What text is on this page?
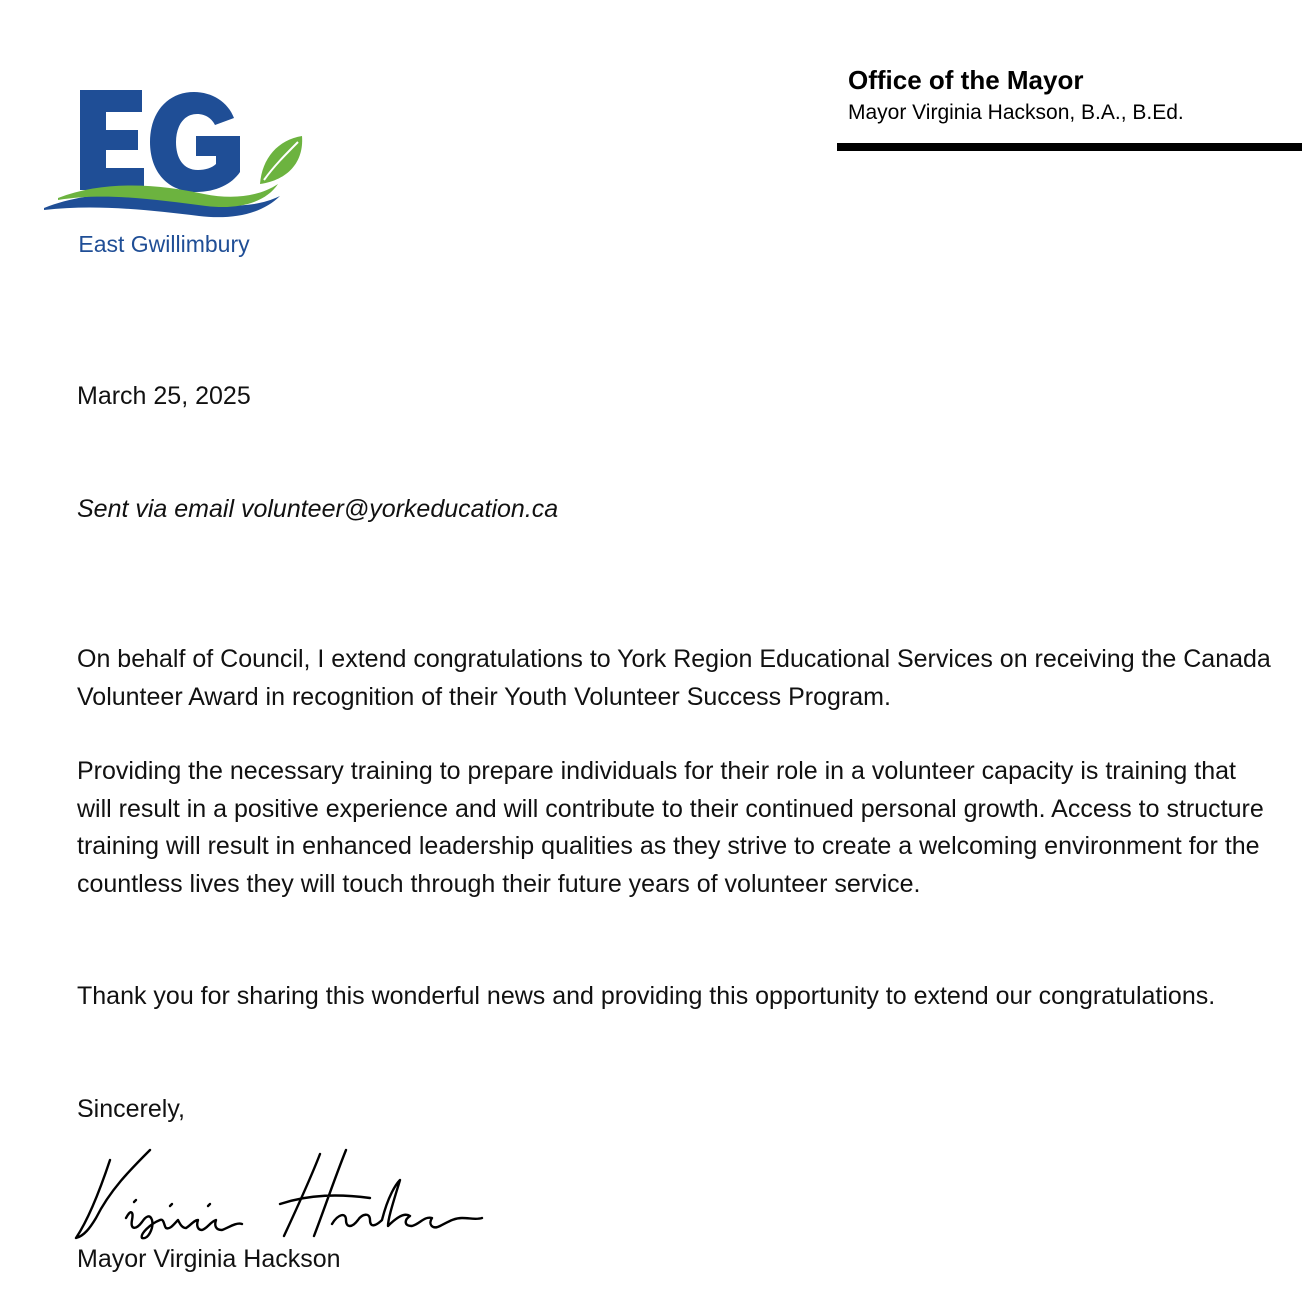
East Gwillimbury
Office of the Mayor
Mayor Virginia Hackson, B.A., B.Ed.

March 25, 2025

Sent via email volunteer@yorkeducation.ca

On behalf of Council, I extend congratulations to York Region Educational Services on receiving the Canada Volunteer Award in recognition of their Youth Volunteer Success Program.

Providing the necessary training to prepare individuals for their role in a volunteer capacity is training that will result in a positive experience and will contribute to their continued personal growth. Access to structure training will result in enhanced leadership qualities as they strive to create a welcoming environment for the countless lives they will touch through their future years of volunteer service.

Thank you for sharing this wonderful news and providing this opportunity to extend our congratulations.

Sincerely,

Mayor Virginia Hackson
